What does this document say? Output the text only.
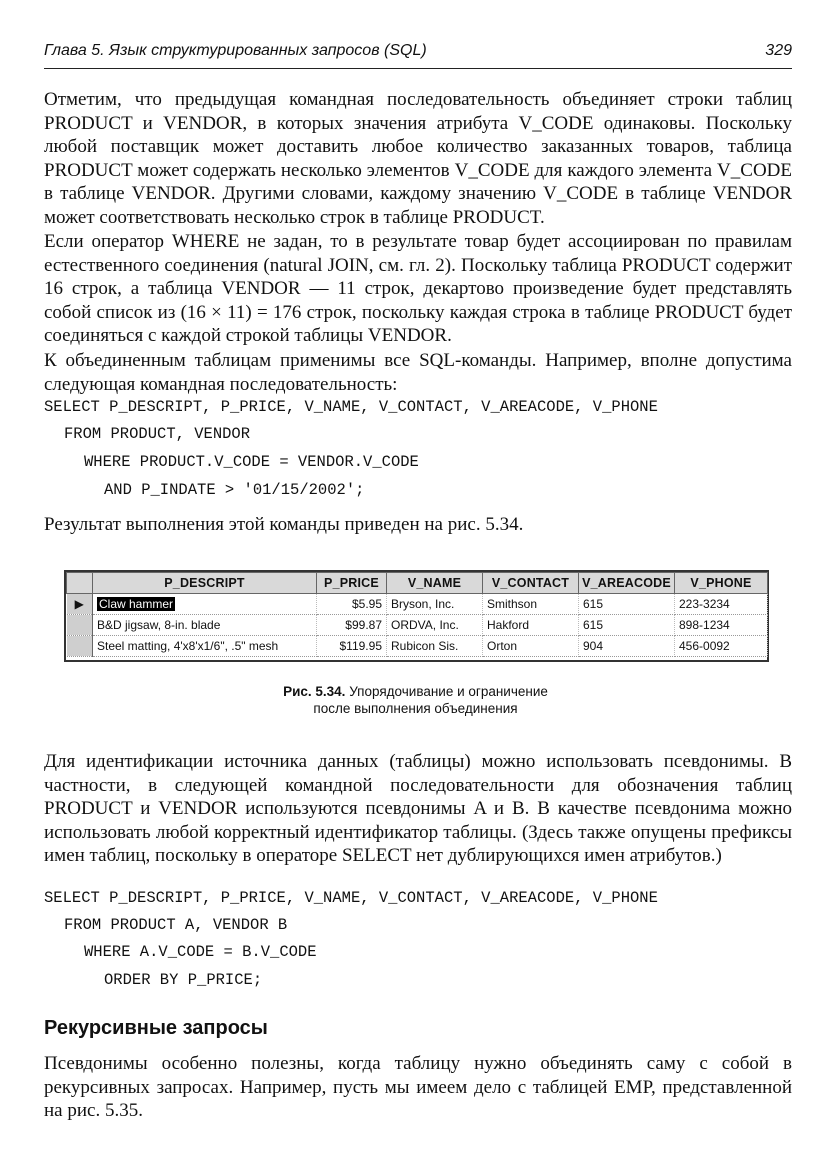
Глава 5. Язык структурированных запросов (SQL)	329

Отметим, что предыдущая командная последовательность объединяет строки таблиц PRODUCT и VENDOR, в которых значения атрибута V_CODE одинаковы. Поскольку любой поставщик может доставить любое количество заказанных товаров, таблица PRODUCT может содержать несколько элементов V_CODE для каждого элемента V_CODE в таблице VENDOR. Другими словами, каждому значению V_CODE в таблице VENDOR может соответствовать несколько строк в таблице PRODUCT.

Если оператор WHERE не задан, то в результате товар будет ассоциирован по правилам естественного соединения (natural JOIN, см. гл. 2). Поскольку таблица PRODUCT содержит 16 строк, а таблица VENDOR — 11 строк, декартово произведение будет представлять собой список из (16 × 11) = 176 строк, поскольку каждая строка в таблице PRODUCT будет соединяться с каждой строкой таблицы VENDOR.

К объединенным таблицам применимы все SQL-команды. Например, вполне допустима следующая командная последовательность:

SELECT P_DESCRIPT, P_PRICE, V_NAME, V_CONTACT, V_AREACODE, V_PHONE

FROM PRODUCT, VENDOR

WHERE PRODUCT.V_CODE = VENDOR.V_CODE

AND P_INDATE > '01/15/2002';

Результат выполнения этой команды приведен на рис. 5.34.

	P_DESCRIPT	P_PRICE	V_NAME	V_CONTACT	V_AREACODE	V_PHONE
▶	Claw hammer	$5.95	Bryson, Inc.	Smithson	615	223-3234
	B&D jigsaw, 8-in. blade	$99.87	ORDVA, Inc.	Hakford	615	898-1234
	Steel matting, 4'x8'x1/6", .5" mesh	$119.95	Rubicon Sis.	Orton	904	456-0092
Рис. 5.34. Упорядочивание и ограничение
после выполнения объединения

Для идентификации источника данных (таблицы) можно использовать псевдонимы. В частности, в следующей командной последовательности для обозначения таблиц PRODUCT и VENDOR используются псевдонимы A и B. В качестве псевдонима можно использовать любой корректный идентификатор таблицы. (Здесь также опущены префиксы имен таблиц, поскольку в операторе SELECT нет дублирующихся имен атрибутов.)

SELECT P_DESCRIPT, P_PRICE, V_NAME, V_CONTACT, V_AREACODE, V_PHONE

FROM PRODUCT A, VENDOR B

WHERE A.V_CODE = B.V_CODE

ORDER BY P_PRICE;

Рекурсивные запросы

Псевдонимы особенно полезны, когда таблицу нужно объединять саму с собой в рекурсивных запросах. Например, пусть мы имеем дело с таблицей EMP, представленной на рис. 5.35.
